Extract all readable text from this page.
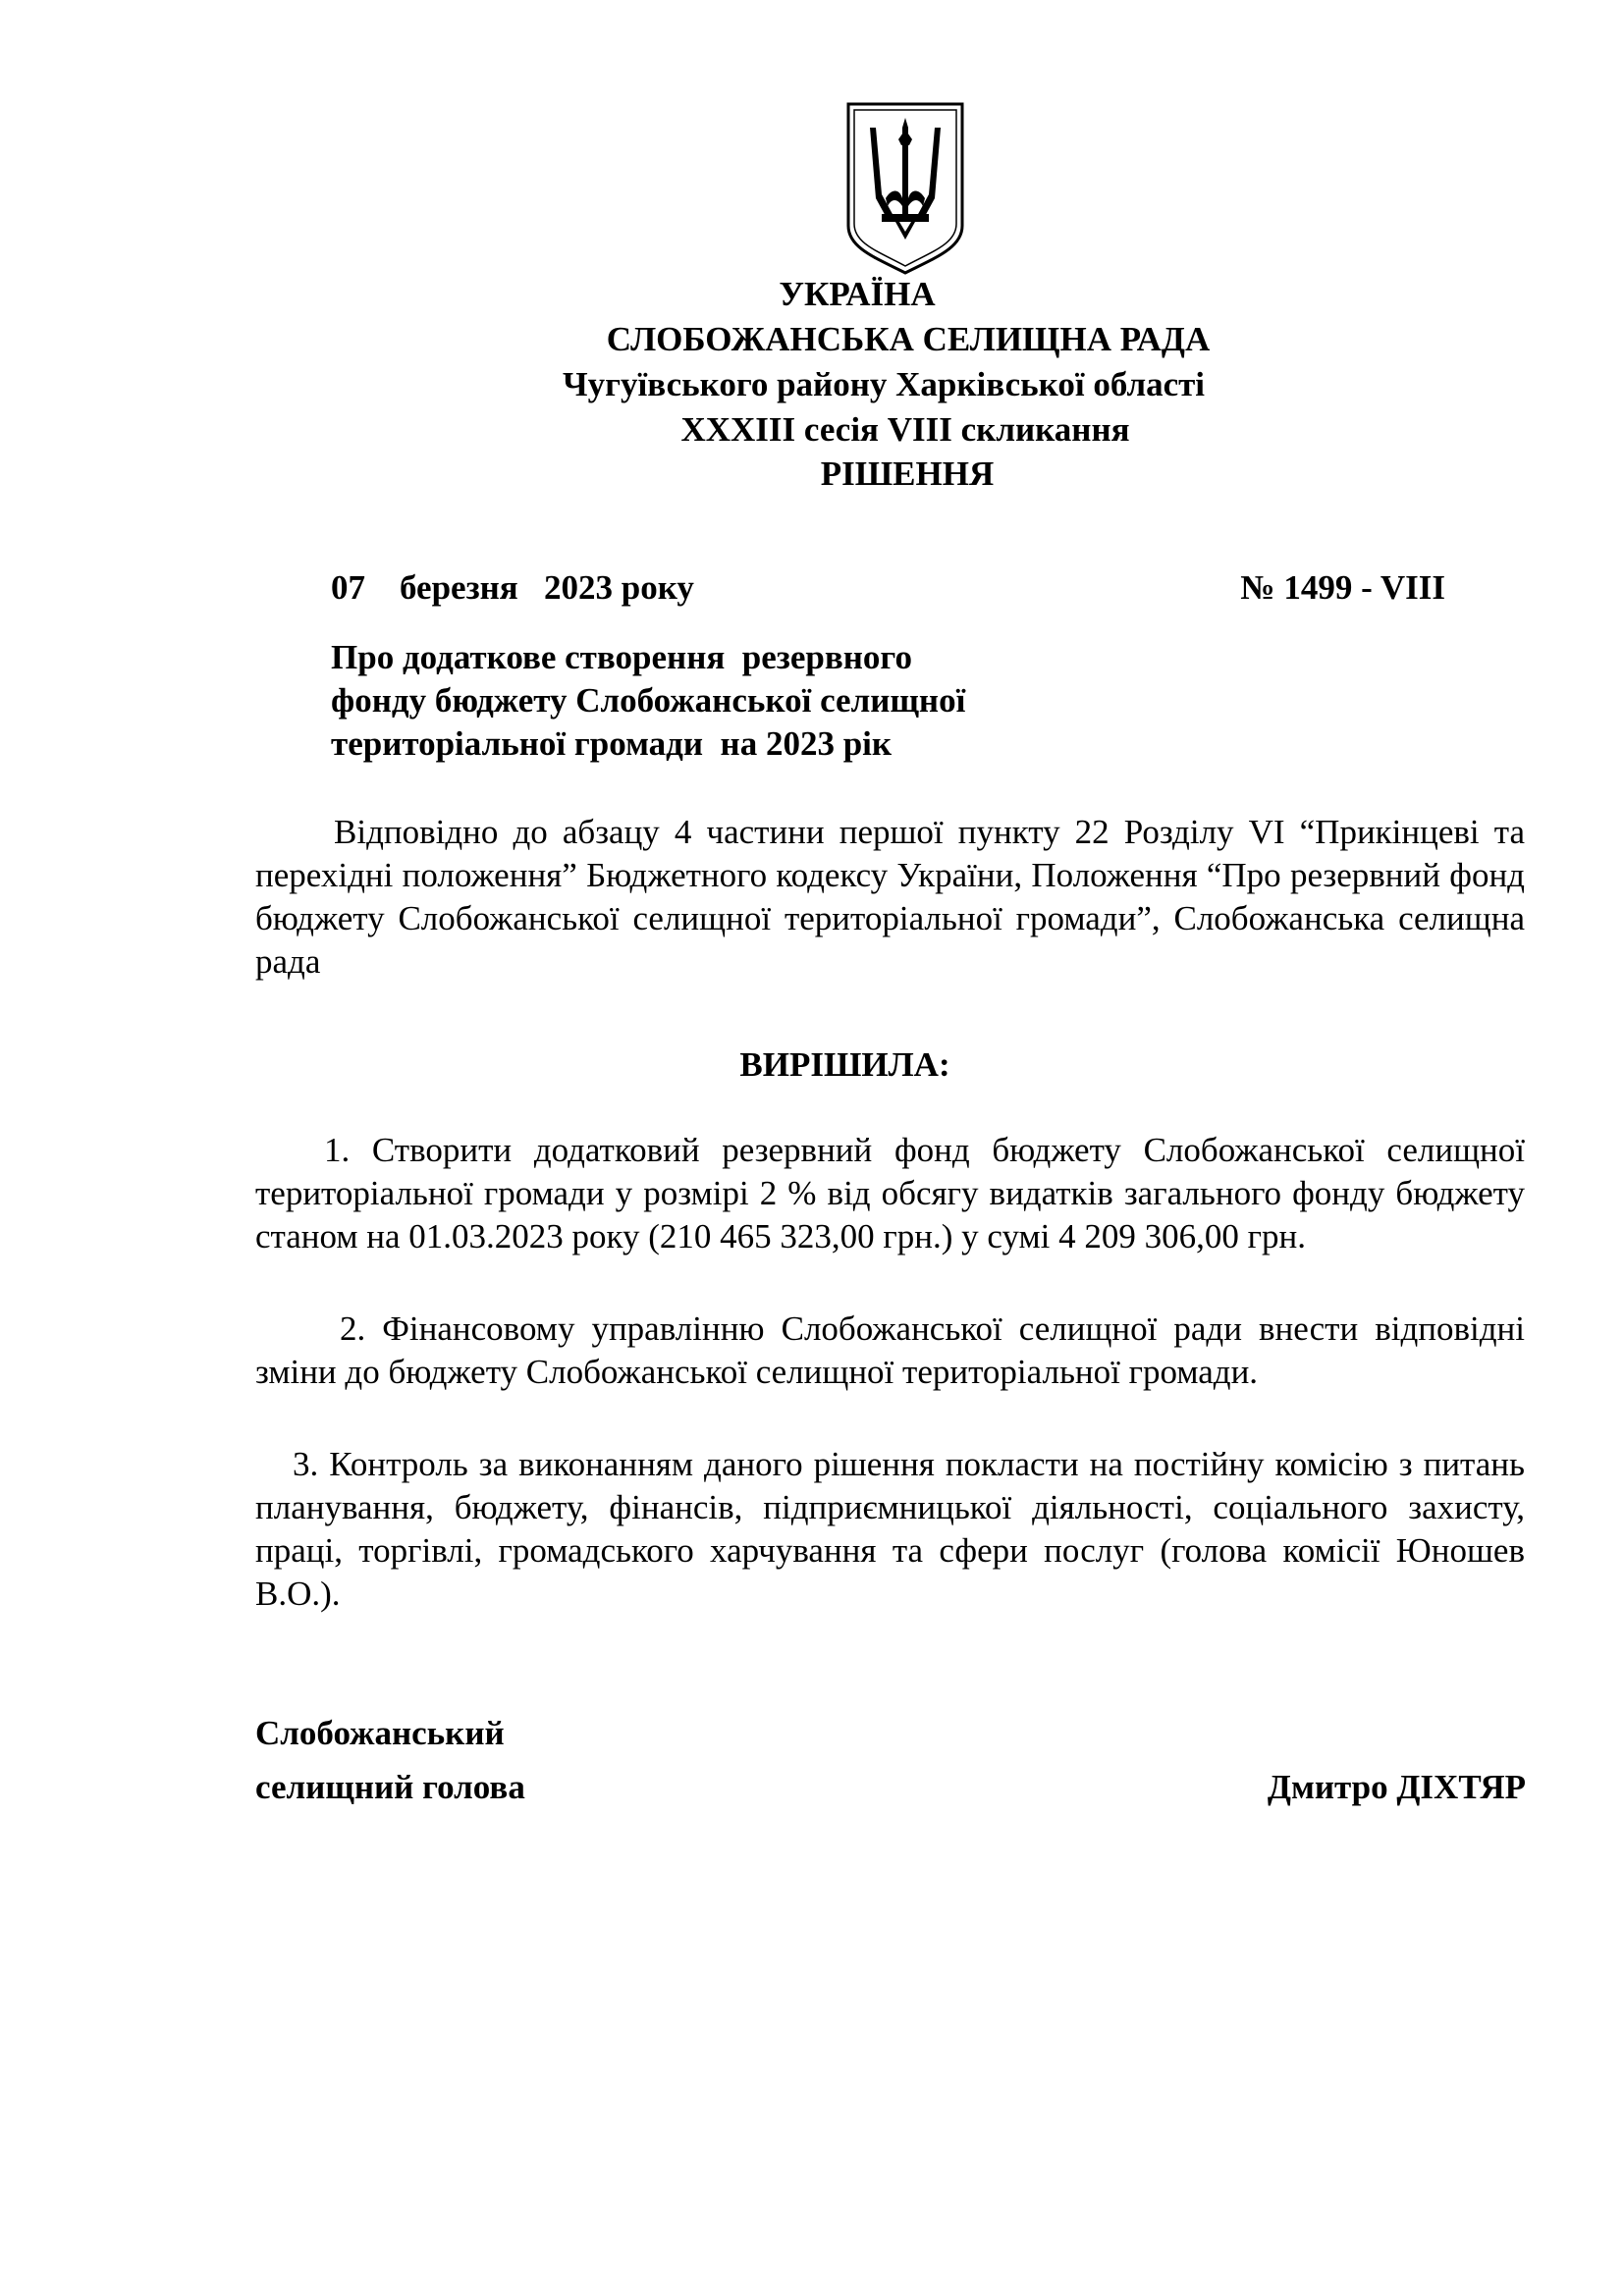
УКРАЇНА
СЛОБОЖАНСЬКА СЕЛИЩНА РАДА
Чугуївського району Харківської області
XXXIII сесія VIII скликання
РІШЕННЯ
07    березня   2023 року	№ 1499 - VIII
Про додаткове створення  резервного
фонду бюджету Слобожанської селищної
територіальної громади  на 2023 рік
Відповідно до абзацу 4 частини першої пункту 22 Розділу VI “Прикінцеві та перехідні положення” Бюджетного кодексу України, Положення “Про резервний фонд бюджету Слобожанської селищної територіальної громади”, Слобожанська селищна рада
ВИРІШИЛА:
1. Створити додатковий резервний фонд бюджету Слобожанської селищної територіальної громади у розмірі 2 % від обсягу видатків загального фонду бюджету станом на 01.03.2023 року (210 465 323,00 грн.) у сумі 4 209 306,00 грн.
2. Фінансовому управлінню Слобожанської селищної ради внести відповідні зміни до бюджету Слобожанської селищної територіальної громади.
3. Контроль за виконанням даного рішення покласти на постійну комісію з питань планування, бюджету, фінансів, підприємницької діяльності, соціального захисту, праці, торгівлі, громадського харчування та сфери послуг (голова комісії Юношев В.О.).
Слобожанський
селищний голова	Дмитро ДІХТЯР
